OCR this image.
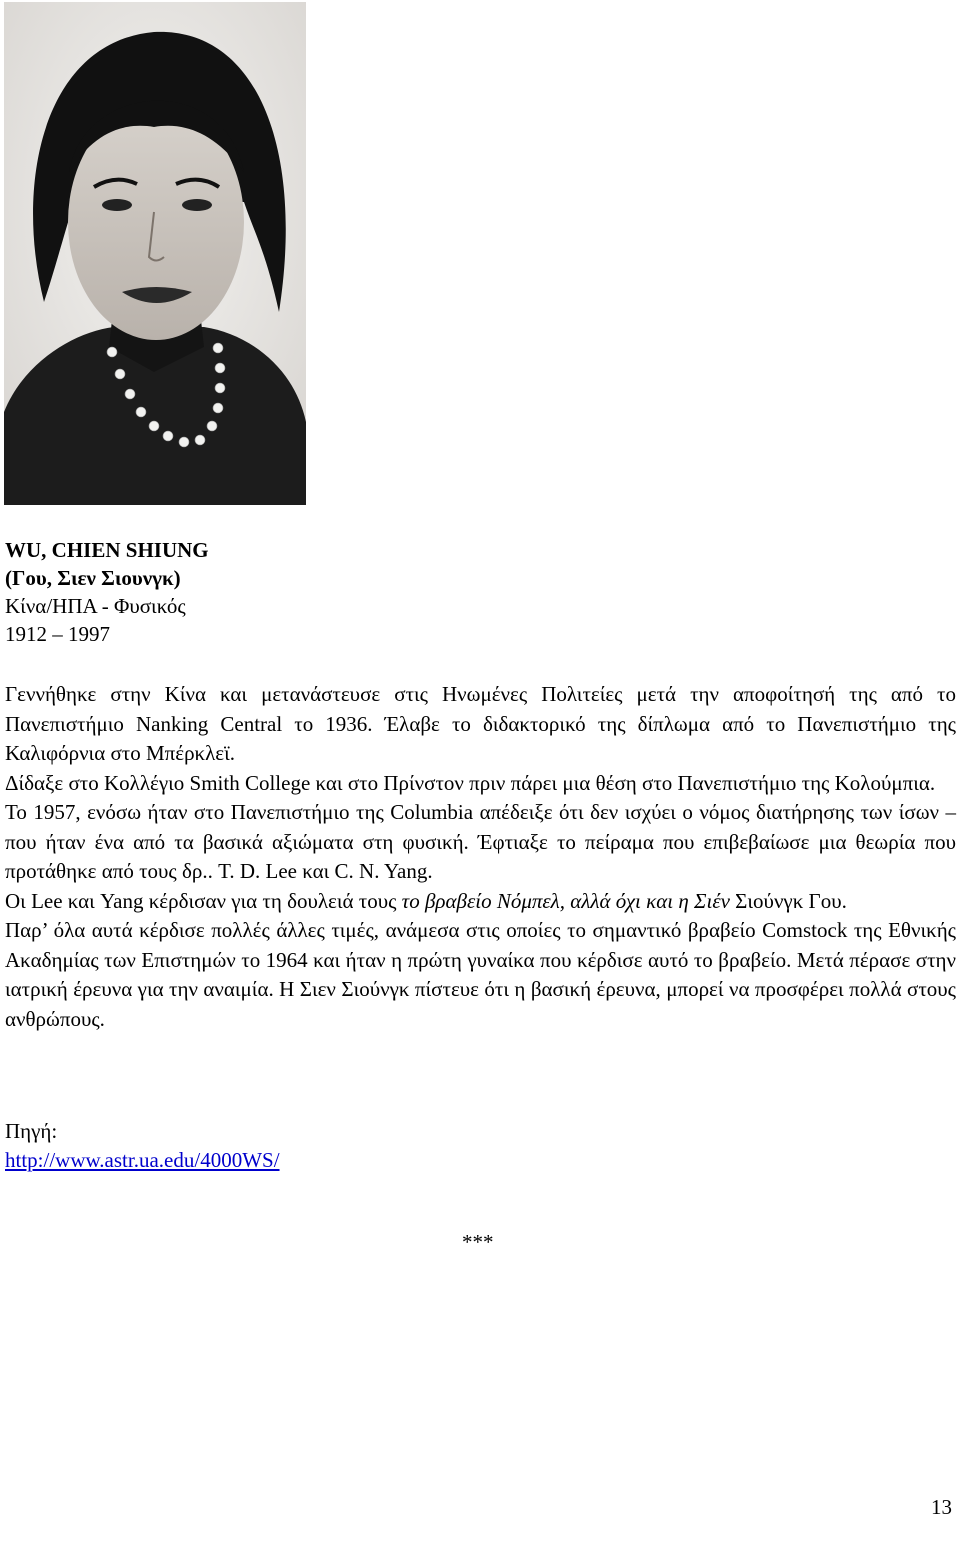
WU, CHIEN SHIUNG
(Γου, Σιεν Σιουνγκ)
Κίνα/ΗΠΑ - Φυσικός
1912 – 1997

Γεννήθηκε στην Κίνα και μετανάστευσε στις Ηνωμένες Πολιτείες μετά την αποφοίτησή της από το Πανεπιστήμιο Nanking Central το 1936. Έλαβε το διδακτορικό της δίπλωμα από το Πανεπιστήμιο της Καλιφόρνια στο Μπέρκλεϊ.

Δίδαξε στο Κολλέγιο Smith College και στο Πρίνστον πριν πάρει μια θέση στο Πανεπιστήμιο της Κολούμπια.

Το 1957, ενόσω ήταν στο Πανεπιστήμιο της Columbia απέδειξε ότι δεν ισχύει ο νόμος διατήρησης των ίσων – που ήταν ένα από τα βασικά αξιώματα στη φυσική. Έφτιαξε το πείραμα που επιβεβαίωσε μια θεωρία που προτάθηκε από τους δρ.. T. D. Lee και C. N. Yang.

Οι Lee και Yang κέρδισαν για τη δουλειά τους το βραβείο Νόμπελ, αλλά όχι και η Σιέν Σιούνγκ Γου.

Παρ’ όλα αυτά κέρδισε πολλές άλλες τιμές, ανάμεσα στις οποίες το σημαντικό βραβείο Comstock της Εθνικής Ακαδημίας των Επιστημών το 1964 και ήταν η πρώτη γυναίκα που κέρδισε αυτό το βραβείο. Μετά πέρασε στην ιατρική έρευνα για την αναιμία. Η Σιεν Σιούνγκ πίστευε ότι η βασική έρευνα, μπορεί να προσφέρει πολλά στους ανθρώπους.

Πηγή:
http://www.astr.ua.edu/4000WS/
***
13
